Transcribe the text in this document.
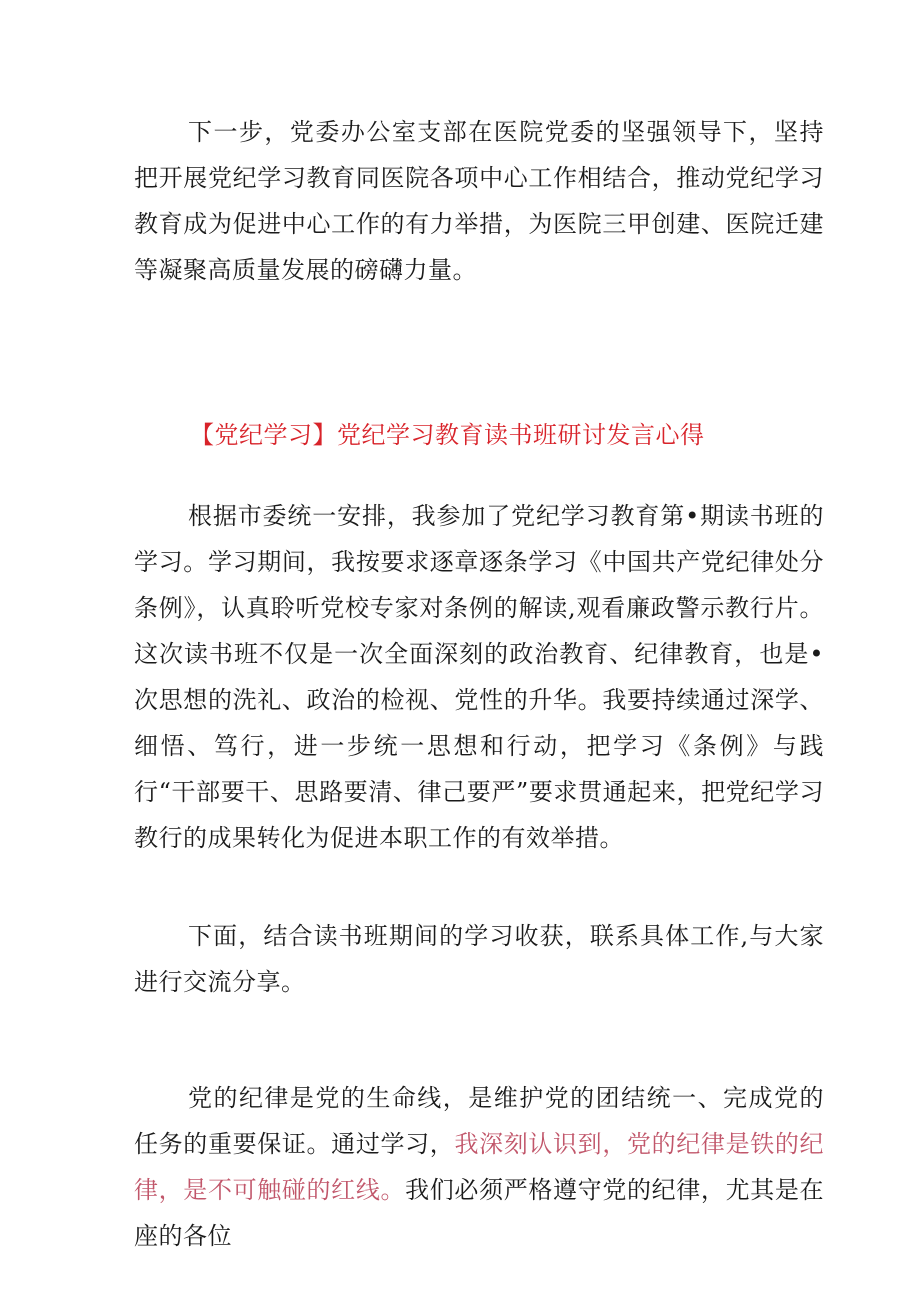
下一步，党委办公室支部在医院党委的坚强领导下，坚持把开展党纪学习教育同医院各项中心工作相结合，推动党纪学习教育成为促进中心工作的有力举措，为医院三甲创建、医院迁建等凝聚高质量发展的磅礴力量。

【党纪学习】党纪学习教育读书班研讨发言心得

根据市委统一安排，我参加了党纪学习教育第•期读书班的学习。学习期间，我按要求逐章逐条学习《中国共产党纪律处分条例》，认真聆听党校专家对条例的解读,观看廉政警示教行片。这次读书班不仅是一次全面深刻的政治教育、纪律教育，也是•次思想的洗礼、政治的检视、党性的升华。我要持续通过深学、细悟、笃行，进一步统一思想和行动，把学习《条例》与践行“干部要干、思路要清、律己要严”要求贯通起来，把党纪学习教行的成果转化为促进本职工作的有效举措。

下面，结合读书班期间的学习收获，联系具体工作,与大家进行交流分享。

党的纪律是党的生命线，是维护党的团结统一、完成党的任务的重要保证。通过学习，我深刻认识到，党的纪律是铁的纪律，是不可触碰的红线。我们必须严格遵守党的纪律，尤其是在座的各位
